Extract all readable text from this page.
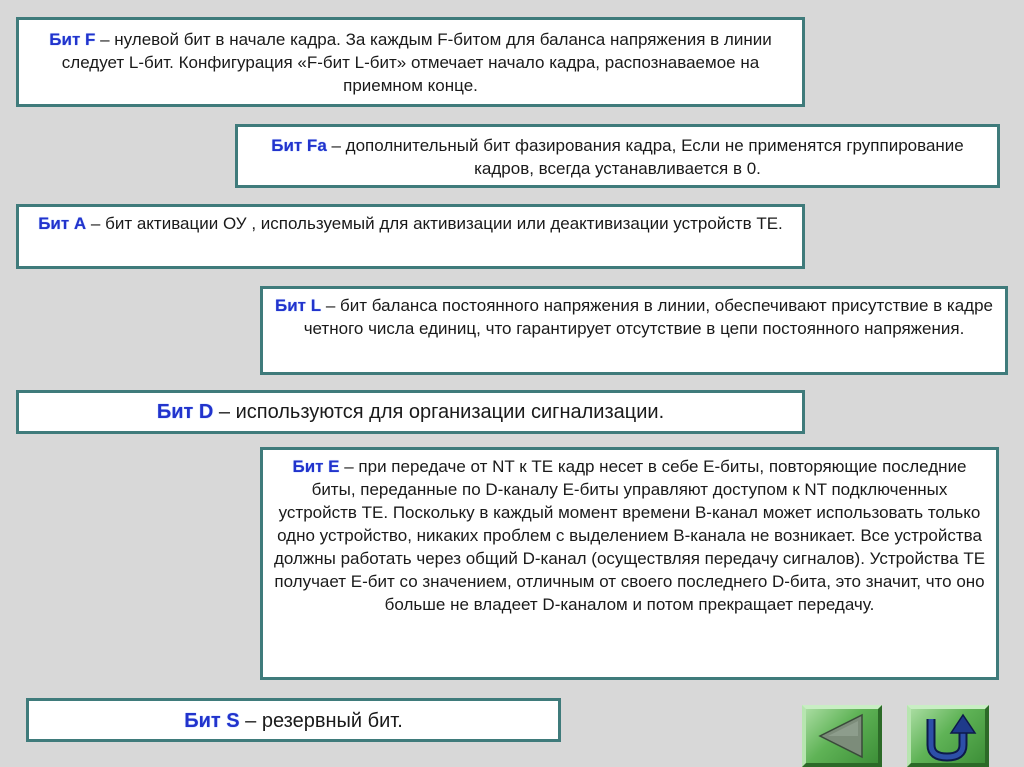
Бит F – нулевой бит в начале кадра. За каждым F-битом для баланса напряжения в линии следует L-бит. Конфигурация «F-бит L-бит» отмечает начало кадра, распознаваемое на приемном конце.
Бит Fa – дополнительный бит фазирования кадра, Если не применятся группирование кадров, всегда устанавливается в 0.
Бит А – бит активации ОУ , используемый для активизации или деактивизации устройств ТЕ.
Бит L – бит баланса постоянного напряжения в линии, обеспечивают присутствие в кадре четного числа единиц, что гарантирует отсутствие в цепи постоянного напряжения.
Бит D – используются для организации сигнализации.
Бит E – при передаче от NT к ТЕ кадр несет в себе Е-биты, повторяющие последние биты, переданные по D-каналу Е-биты управляют доступом к NT подключенных устройств ТЕ. Поскольку в каждый момент времени В-канал может использовать только одно устройство, никаких проблем с выделением В-канала не возникает. Все устройства должны работать через общий D-канал (осуществляя передачу сигналов). Устройства ТЕ получает Е-бит со значением, отличным от своего последнего D-бита, это значит, что оно больше не владеет D-каналом и потом прекращает передачу.
Бит S – резервный бит.
